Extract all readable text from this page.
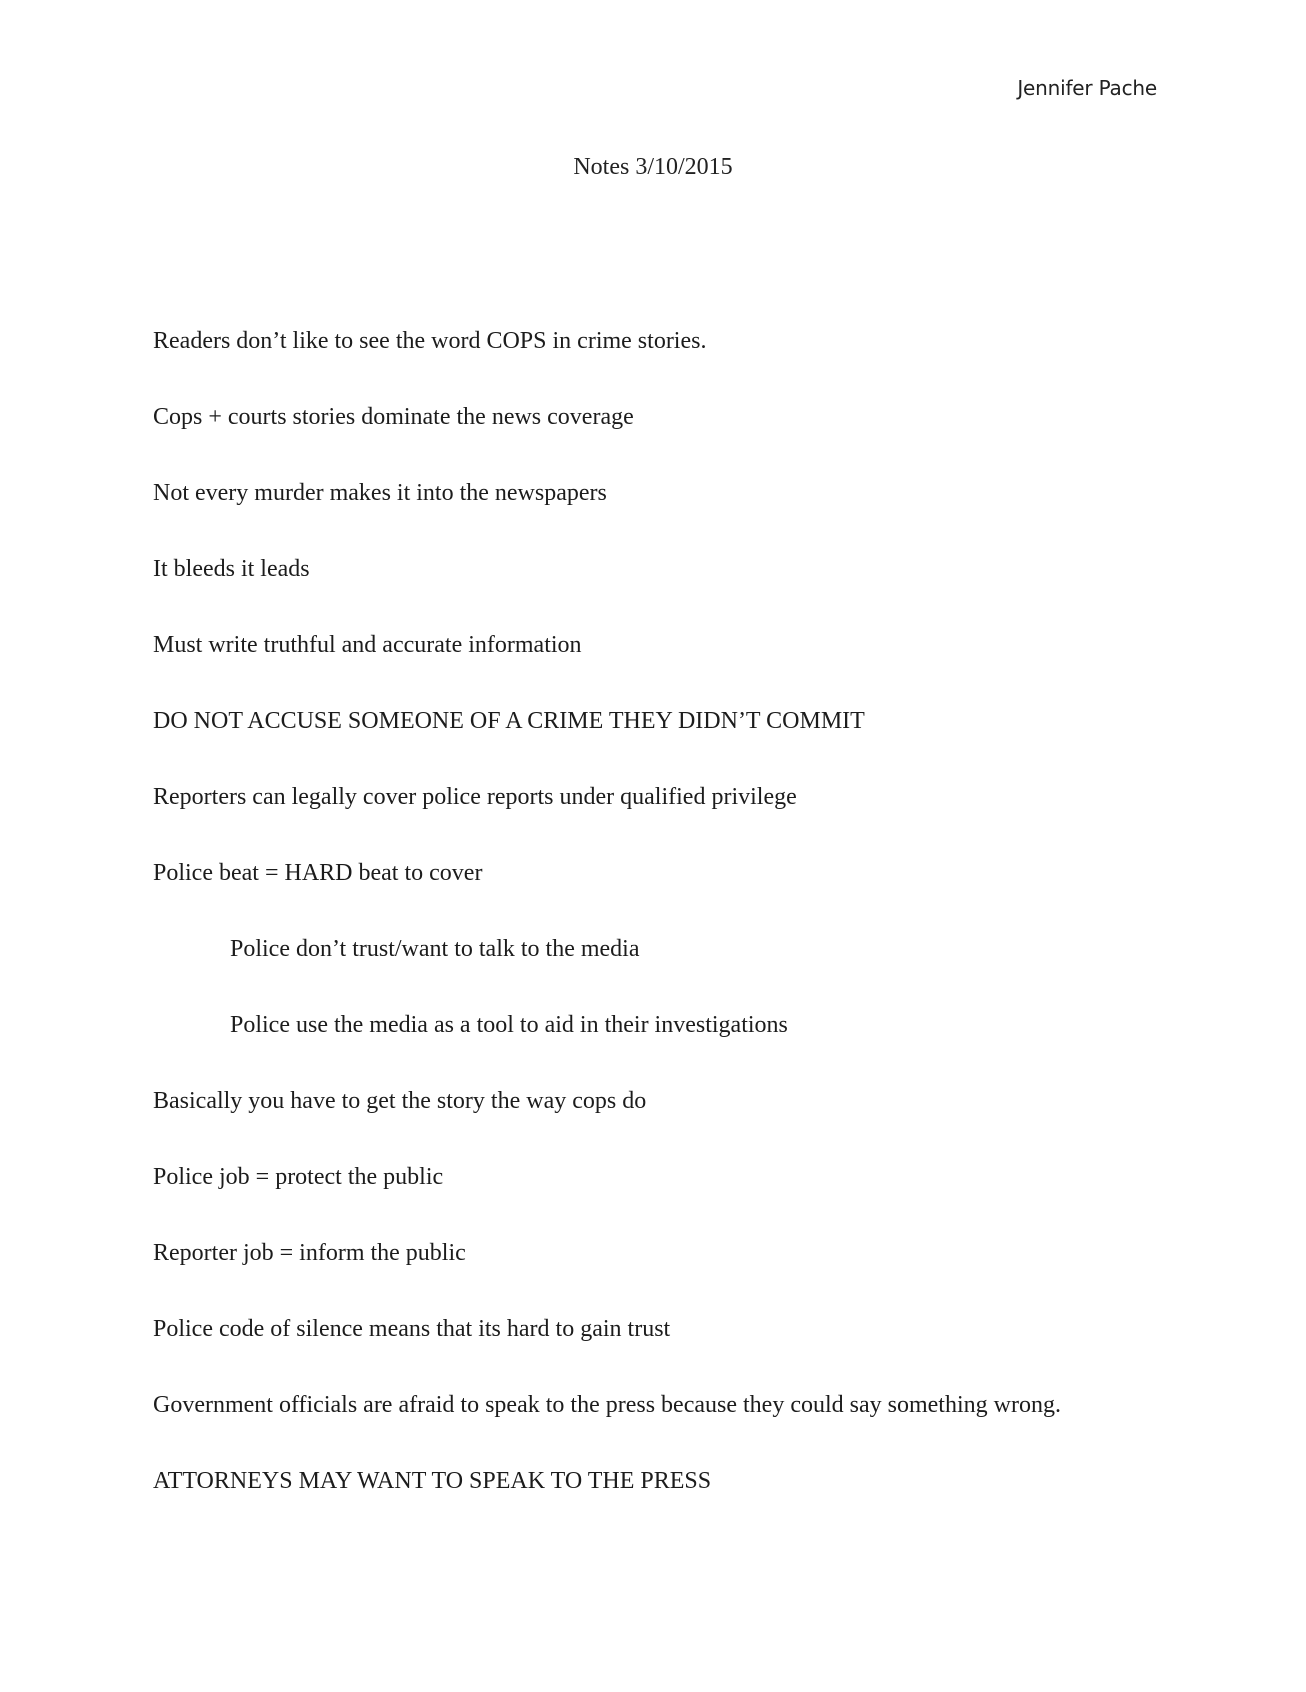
Jennifer Pache
Notes 3/10/2015
Readers don’t like to see the word COPS in crime stories.
Cops + courts stories dominate the news coverage
Not every murder makes it into the newspapers
It bleeds it leads
Must write truthful and accurate information
DO NOT ACCUSE SOMEONE OF A CRIME THEY DIDN’T COMMIT
Reporters can legally cover police reports under qualified privilege
Police beat = HARD beat to cover
Police don’t trust/want to talk to the media
Police use the media as a tool to aid in their investigations
Basically you have to get the story the way cops do
Police job = protect the public
Reporter job = inform the public
Police code of silence means that its hard to gain trust
Government officials are afraid to speak to the press because they could say something wrong.
ATTORNEYS MAY WANT TO SPEAK TO THE PRESS
